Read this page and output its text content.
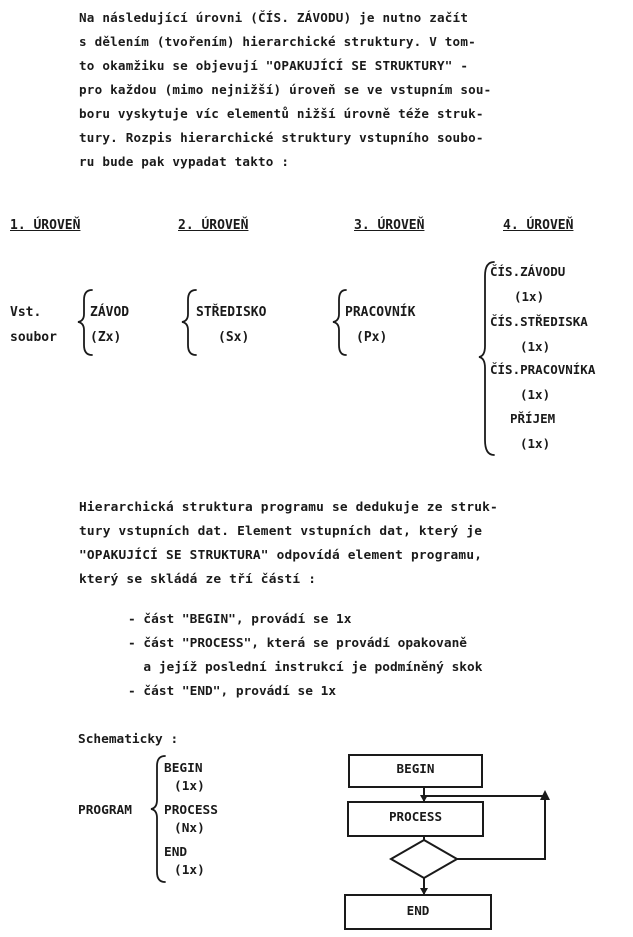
Na následující úrovni (ČÍS. ZÁVODU) je nutno začít
s dělením (tvořením) hierarchické struktury. V tom-
to okamžiku se objevují "OPAKUJÍCÍ SE STRUKTURY" -
pro každou (mimo nejnižší) úroveň se ve vstupním sou-
boru vyskytuje víc elementů nižší úrovně téže struk-
tury. Rozpis hierarchické struktury vstupního soubo-
ru bude pak vypadat takto :
1. ÚROVEŇ	2. ÚROVEŇ	3. ÚROVEŇ	4. ÚROVEŇ
Vst.
soubor
ZÁVOD
(Zx)
STŘEDISKO
(Sx)
PRACOVNÍK
(Px)
ČÍS.ZÁVODU
(1x)
ČÍS.STŘEDISKA
(1x)
ČÍS.PRACOVNÍKA
(1x)
PŘÍJEM
(1x)
Hierarchická struktura programu se dedukuje ze struk-
tury vstupních dat. Element vstupních dat, který je
"OPAKUJÍCÍ SE STRUKTURA" odpovídá element programu,
který se skládá ze tří částí :
- část "BEGIN", provádí se 1x
- část "PROCESS", která se provádí opakovaně
a jejíž poslední instrukcí je podmíněný skok
- část "END", provádí se 1x
Schematicky :
PROGRAM
BEGIN
(1x)
PROCESS
(Nx)
END
(1x)
BEGIN
PROCESS
END
